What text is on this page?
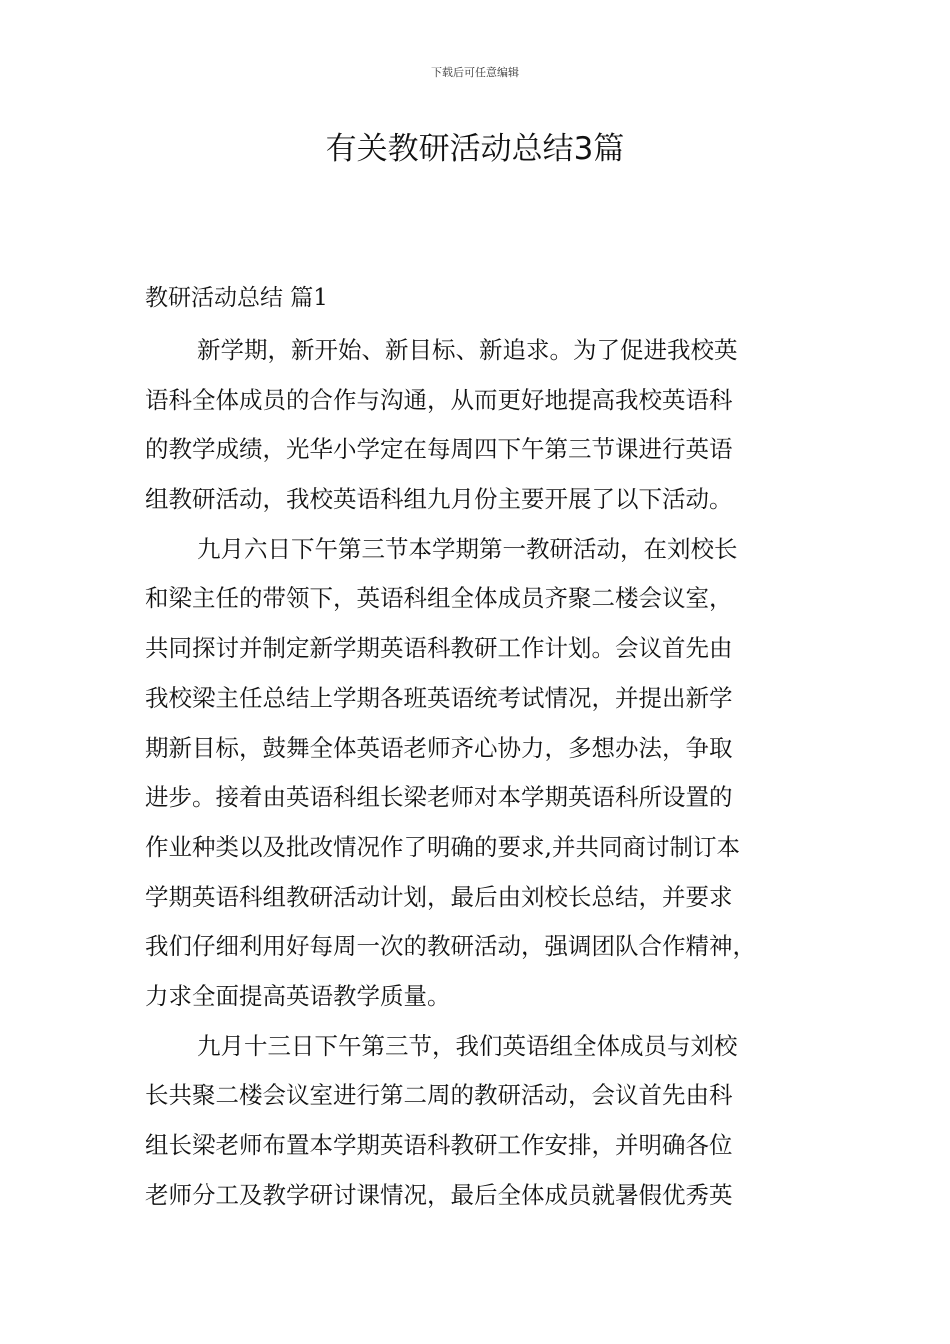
下载后可任意编辑
有关教研活动总结3篇
教研活动总结 篇1
新学期，新开始、新目标、新追求。为了促进我校英
语科全体成员的合作与沟通，从而更好地提高我校英语科
的教学成绩，光华小学定在每周四下午第三节课进行英语
组教研活动，我校英语科组九月份主要开展了以下活动。
九月六日下午第三节本学期第一教研活动，在刘校长
和梁主任的带领下，英语科组全体成员齐聚二楼会议室，
共同探讨并制定新学期英语科教研工作计划。会议首先由
我校梁主任总结上学期各班英语统考试情况，并提出新学
期新目标，鼓舞全体英语老师齐心协力，多想办法，争取
进步。接着由英语科组长梁老师对本学期英语科所设置的
作业种类以及批改情况作了明确的要求,并共同商讨制订本
学期英语科组教研活动计划，最后由刘校长总结，并要求
我们仔细利用好每周一次的教研活动，强调团队合作精神，
力求全面提高英语教学质量。
九月十三日下午第三节，我们英语组全体成员与刘校
长共聚二楼会议室进行第二周的教研活动，会议首先由科
组长梁老师布置本学期英语科教研工作安排，并明确各位
老师分工及教学研讨课情况，最后全体成员就暑假优秀英
